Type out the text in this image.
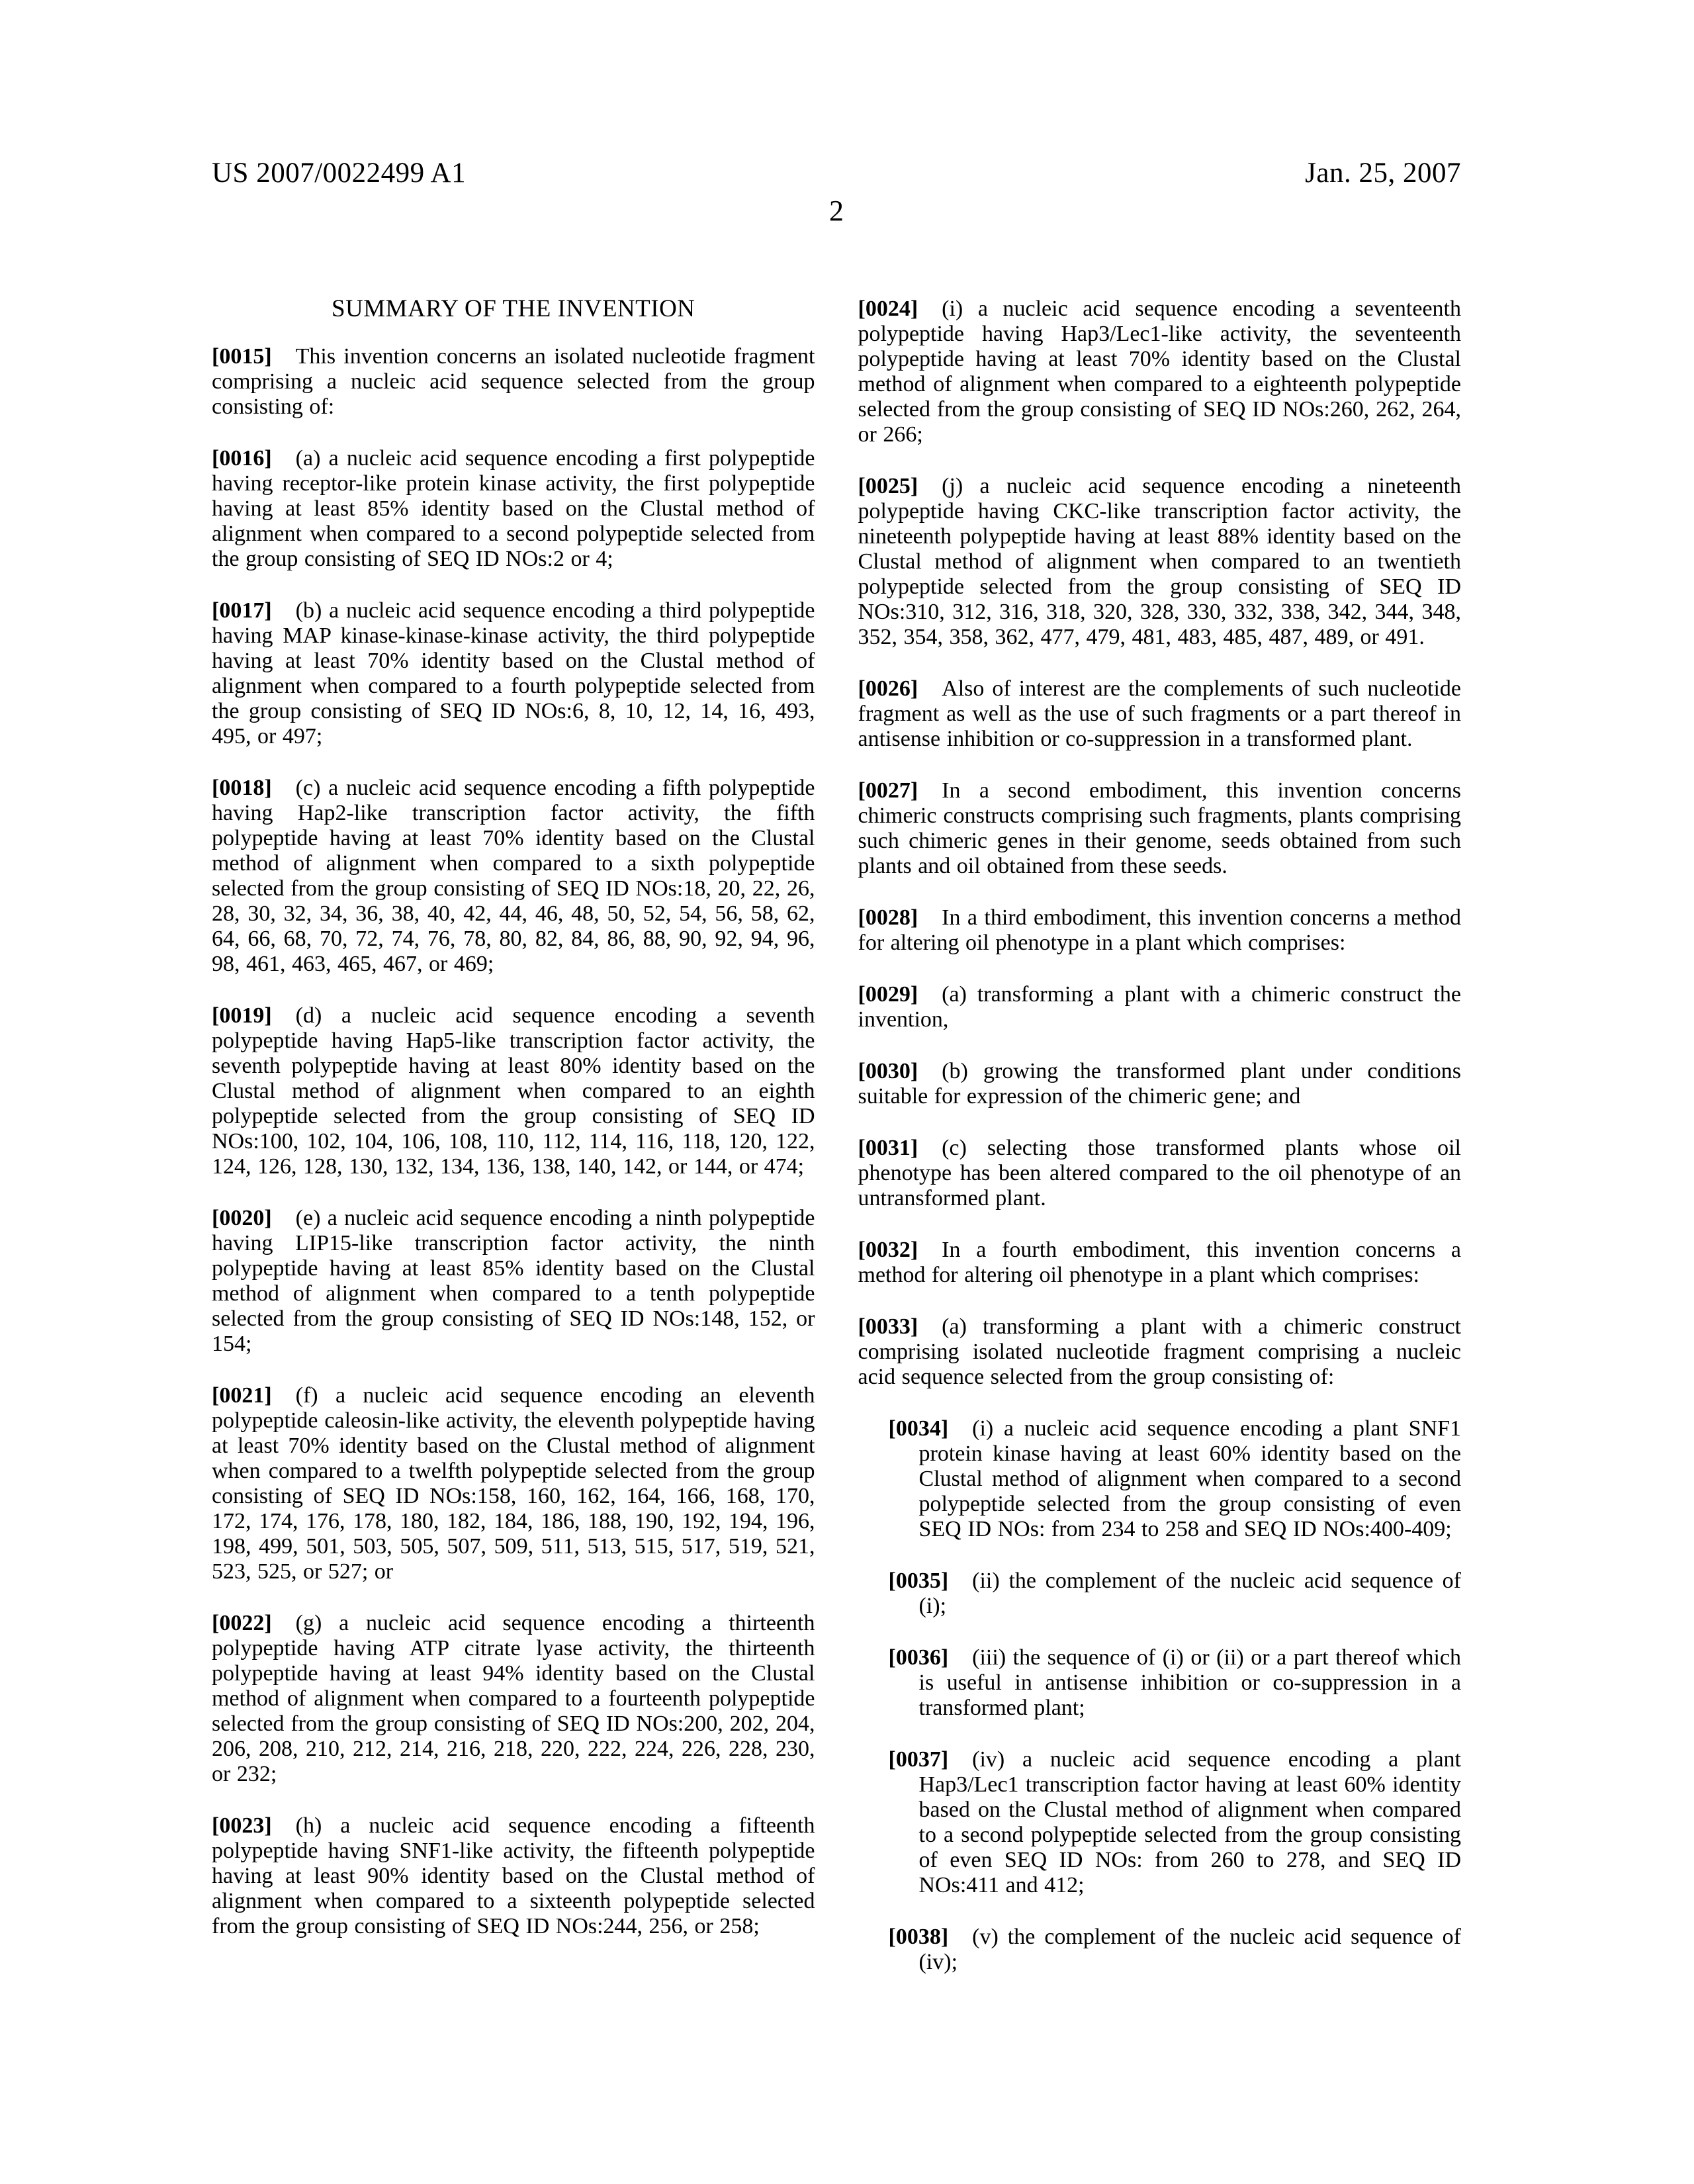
US 2007/0022499 A1	Jan. 25, 2007
2
SUMMARY OF THE INVENTION

[0015] This invention concerns an isolated nucleotide fragment comprising a nucleic acid sequence selected from the group consisting of:

[0016] (a) a nucleic acid sequence encoding a first polypeptide having receptor-like protein kinase activity, the first polypeptide having at least 85% identity based on the Clustal method of alignment when compared to a second polypeptide selected from the group consisting of SEQ ID NOs:2 or 4;

[0017] (b) a nucleic acid sequence encoding a third polypeptide having MAP kinase-kinase-kinase activity, the third polypeptide having at least 70% identity based on the Clustal method of alignment when compared to a fourth polypeptide selected from the group consisting of SEQ ID NOs:6, 8, 10, 12, 14, 16, 493, 495, or 497;

[0018] (c) a nucleic acid sequence encoding a fifth polypeptide having Hap2-like transcription factor activity, the fifth polypeptide having at least 70% identity based on the Clustal method of alignment when compared to a sixth polypeptide selected from the group consisting of SEQ ID NOs:18, 20, 22, 26, 28, 30, 32, 34, 36, 38, 40, 42, 44, 46, 48, 50, 52, 54, 56, 58, 62, 64, 66, 68, 70, 72, 74, 76, 78, 80, 82, 84, 86, 88, 90, 92, 94, 96, 98, 461, 463, 465, 467, or 469;

[0019] (d) a nucleic acid sequence encoding a seventh polypeptide having Hap5-like transcription factor activity, the seventh polypeptide having at least 80% identity based on the Clustal method of alignment when compared to an eighth polypeptide selected from the group consisting of SEQ ID NOs:100, 102, 104, 106, 108, 110, 112, 114, 116, 118, 120, 122, 124, 126, 128, 130, 132, 134, 136, 138, 140, 142, or 144, or 474;

[0020] (e) a nucleic acid sequence encoding a ninth polypeptide having LIP15-like transcription factor activity, the ninth polypeptide having at least 85% identity based on the Clustal method of alignment when compared to a tenth polypeptide selected from the group consisting of SEQ ID NOs:148, 152, or 154;

[0021] (f) a nucleic acid sequence encoding an eleventh polypeptide caleosin-like activity, the eleventh polypeptide having at least 70% identity based on the Clustal method of alignment when compared to a twelfth polypeptide selected from the group consisting of SEQ ID NOs:158, 160, 162, 164, 166, 168, 170, 172, 174, 176, 178, 180, 182, 184, 186, 188, 190, 192, 194, 196, 198, 499, 501, 503, 505, 507, 509, 511, 513, 515, 517, 519, 521, 523, 525, or 527; or

[0022] (g) a nucleic acid sequence encoding a thirteenth polypeptide having ATP citrate lyase activity, the thirteenth polypeptide having at least 94% identity based on the Clustal method of alignment when compared to a fourteenth polypeptide selected from the group consisting of SEQ ID NOs:200, 202, 204, 206, 208, 210, 212, 214, 216, 218, 220, 222, 224, 226, 228, 230, or 232;

[0023] (h) a nucleic acid sequence encoding a fifteenth polypeptide having SNF1-like activity, the fifteenth polypeptide having at least 90% identity based on the Clustal method of alignment when compared to a sixteenth polypeptide selected from the group consisting of SEQ ID NOs:244, 256, or 258;

[0024] (i) a nucleic acid sequence encoding a seventeenth polypeptide having Hap3/Lec1-like activity, the seventeenth polypeptide having at least 70% identity based on the Clustal method of alignment when compared to a eighteenth polypeptide selected from the group consisting of SEQ ID NOs:260, 262, 264, or 266;

[0025] (j) a nucleic acid sequence encoding a nineteenth polypeptide having CKC-like transcription factor activity, the nineteenth polypeptide having at least 88% identity based on the Clustal method of alignment when compared to an twentieth polypeptide selected from the group consisting of SEQ ID NOs:310, 312, 316, 318, 320, 328, 330, 332, 338, 342, 344, 348, 352, 354, 358, 362, 477, 479, 481, 483, 485, 487, 489, or 491.

[0026] Also of interest are the complements of such nucleotide fragment as well as the use of such fragments or a part thereof in antisense inhibition or co-suppression in a transformed plant.

[0027] In a second embodiment, this invention concerns chimeric constructs comprising such fragments, plants comprising such chimeric genes in their genome, seeds obtained from such plants and oil obtained from these seeds.

[0028] In a third embodiment, this invention concerns a method for altering oil phenotype in a plant which comprises:

[0029] (a) transforming a plant with a chimeric construct the invention,

[0030] (b) growing the transformed plant under conditions suitable for expression of the chimeric gene; and

[0031] (c) selecting those transformed plants whose oil phenotype has been altered compared to the oil phenotype of an untransformed plant.

[0032] In a fourth embodiment, this invention concerns a method for altering oil phenotype in a plant which comprises:

[0033] (a) transforming a plant with a chimeric construct comprising isolated nucleotide fragment comprising a nucleic acid sequence selected from the group consisting of:

[0034] (i) a nucleic acid sequence encoding a plant SNF1 protein kinase having at least 60% identity based on the Clustal method of alignment when compared to a second polypeptide selected from the group consisting of even SEQ ID NOs: from 234 to 258 and SEQ ID NOs:400-409;

[0035] (ii) the complement of the nucleic acid sequence of (i);

[0036] (iii) the sequence of (i) or (ii) or a part thereof which is useful in antisense inhibition or co-suppression in a transformed plant;

[0037] (iv) a nucleic acid sequence encoding a plant Hap3/Lec1 transcription factor having at least 60% identity based on the Clustal method of alignment when compared to a second polypeptide selected from the group consisting of even SEQ ID NOs: from 260 to 278, and SEQ ID NOs:411 and 412;

[0038] (v) the complement of the nucleic acid sequence of (iv);
